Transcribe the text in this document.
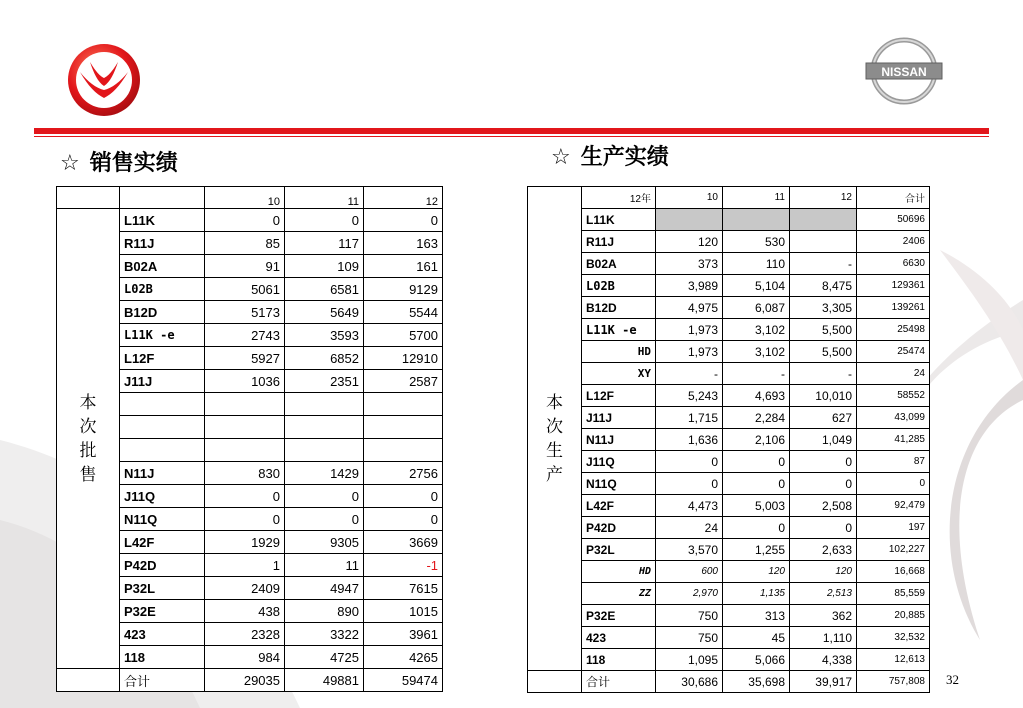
NISSAN
☆ 销售实绩	☆ 生产实绩
		10	11	12

本
次
批
售	L11K	0	0	0
	R11J	85	117	163
	B02A	91	109	161
	L02B	5061	6581	9129
	B12D	5173	5649	5544
	L11K -e	2743	3593	5700
	L12F	5927	6852	12910
	J11J	1036	2351	2587

	N11J	830	1429	2756
	J11Q	0	0	0
	N11Q	0	0	0
	L42F	1929	9305	3669
	P42D	1	11	-1
	P32L	2409	4947	7615
	P32E	438	890	1015
	423	2328	3322	3961
	118	984	4725	4265
	合计	29035	49881	59474
	12年	10	11	12	合计

本
次
生
产	L11K				50696
	R11J	120	530		2406
	B02A	373	110	-	6630
	L02B	3,989	5,104	8,475	129361
	B12D	4,975	6,087	3,305	139261
	L11K -e	1,973	3,102	5,500	25498
	HD	1,973	3,102	5,500	25474
	XY	-	-	-	24
	L12F	5,243	4,693	10,010	58552
	J11J	1,715	2,284	627	43,099
	N11J	1,636	2,106	1,049	41,285
	J11Q	0	0	0	87
	N11Q	0	0	0	0
	L42F	4,473	5,003	2,508	92,479
	P42D	24	0	0	197
	P32L	3,570	1,255	2,633	102,227
	HD	600	120	120	16,668
	ZZ	2,970	1,135	2,513	85,559
	P32E	750	313	362	20,885
	423	750	45	1,110	32,532
	118	1,095	5,066	4,338	12,613
	合计	30,686	35,698	39,917	757,808 32
